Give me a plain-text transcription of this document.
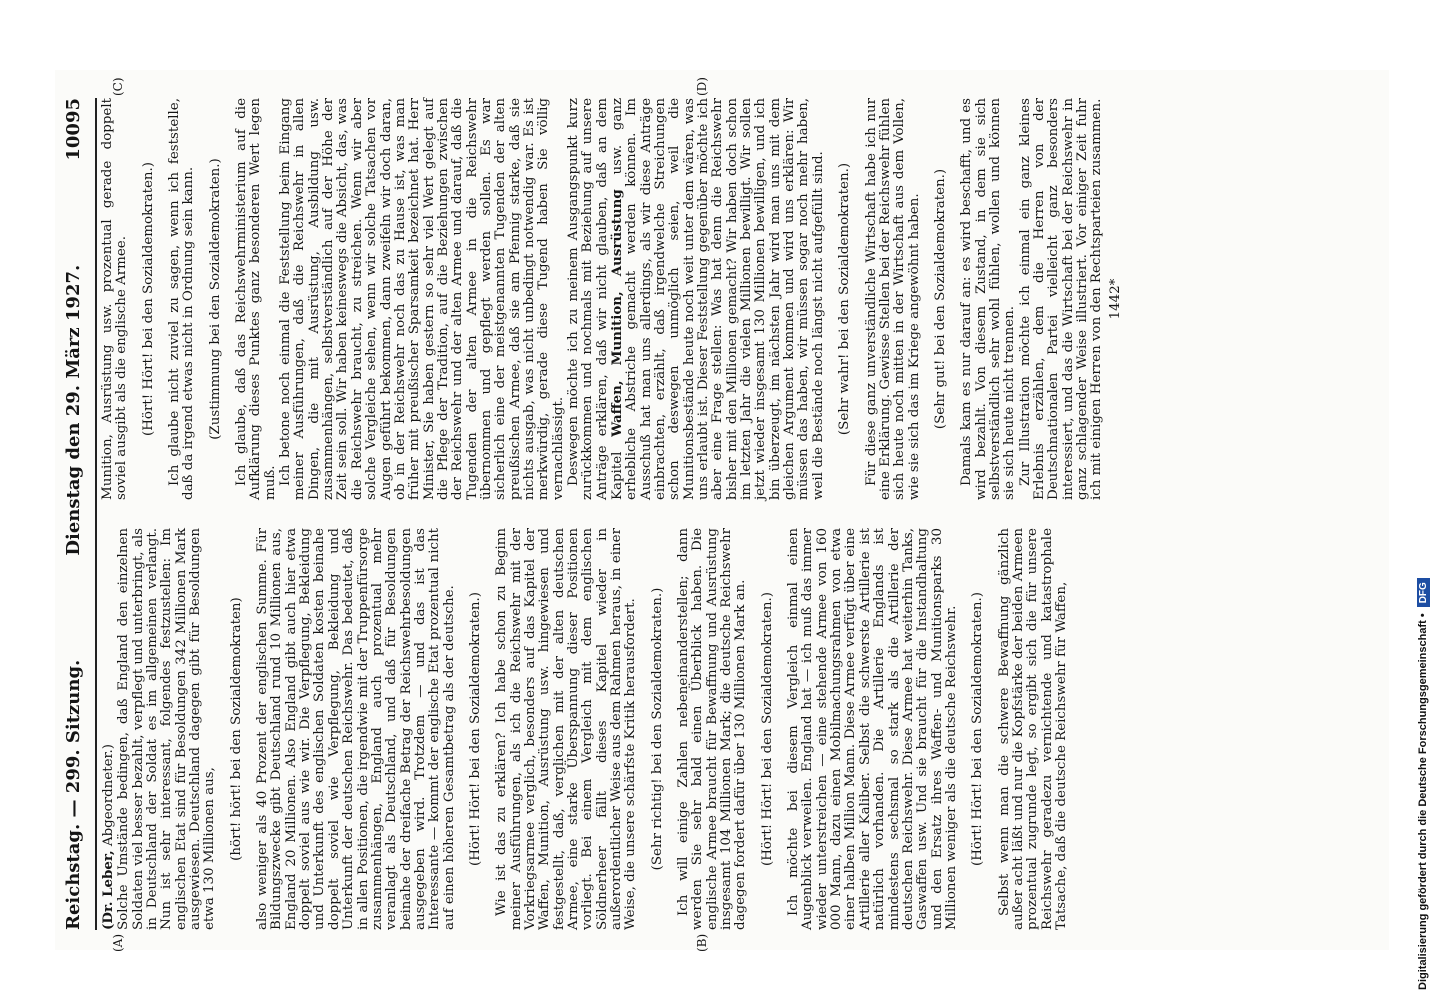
Reichstag. — 299. Sitzung.
Dienstag den 29. März 1927.
10095
(A)	(B)
(C)	(D)

(Dr. Leber, Abgeordneter.) Solche Umstände bedingen, daß England den einzelnen Soldaten viel besser bezahlt, verpflegt und unterbringt, als in Deutschland der Soldat es im allgemeinen verlangt. Nun ist sehr interessant, folgendes festzustellen: Im englischen Etat sind für Besoldungen 342 Millionen Mark ausgewiesen. Deutschland dagegen gibt für Besoldungen etwa 130 Millionen aus, (hört! hört! bei den Sozialdemokraten) also weniger als 40 Prozent der englischen Summe. Für Bildungszwecke gibt Deutschland rund 10 Millionen aus, England 20 Millionen. Also England gibt auch hier etwa doppelt soviel aus wie wir. Die Verpflegung, Bekleidung und Unterkunft des englischen Soldaten kosten beinahe doppelt soviel wie Verpflegung, Bekleidung und Unterkunft der deutschen Reichswehr. Das bedeutet, daß in allen Positionen, die irgendwie mit der Truppenfürsorge zusammenhängen, England auch prozentual mehr veranlagt als Deutschland, und daß für Besoldungen beinahe der dreifache Betrag der Reichswehrbesoldungen ausgegeben wird. Trotzdem — und das ist das Interessante — kommt der englische Etat prozentual nicht auf einen höheren Gesamtbetrag als der deutsche. (Hört! Hört! bei den Sozialdemokraten.) Wie ist das zu erklären? Ich habe schon zu Beginn meiner Ausführungen, als ich die Reichswehr mit der Vorkriegsarmee verglich, besonders auf das Kapitel der Waffen, Munition, Ausrüstung usw. hingewiesen und festgestellt, daß, verglichen mit der alten deutschen Armee, eine starke Überspannung dieser Positionen vorliegt. Bei einem Vergleich mit dem englischen Söldnerheer fällt dieses Kapitel wieder in außerordentlicher Weise aus dem Rahmen heraus, in einer Weise, die unsere schärfste Kritik herausfordert. (Sehr richtig! bei den Sozialdemokraten.) Ich will einige Zahlen nebeneinanderstellen; dann werden Sie sehr bald einen Überblick haben. Die englische Armee braucht für Bewaffnung und Ausrüstung insgesamt 104 Millionen Mark; die deutsche Reichswehr dagegen fordert dafür über 130 Millionen Mark an. (Hört! Hört! bei den Sozialdemokraten.) Ich möchte bei diesem Vergleich einmal einen Augenblick verweilen. England hat — ich muß das immer wieder unterstreichen — eine stehende Armee von 160 000 Mann, dazu einen Mobilmachungsrahmen von etwa einer halben Million Mann. Diese Armee verfügt über eine Artillerie aller Kaliber. Selbst die schwerste Artillerie ist natürlich vorhanden. Die Artillerie Englands ist mindestens sechsmal so stark als die Artillerie der deutschen Reichswehr. Diese Armee hat weiterhin Tanks, Gaswaffen usw. Und sie braucht für die Instandhaltung und den Ersatz ihres Waffen- und Munitionsparks 30 Millionen weniger als die deutsche Reichswehr. (Hört! Hört! bei den Sozialdemokraten.) Selbst wenn man die schwere Bewaffnung gänzlich außer acht läßt und nur die Kopfstärke der beiden Armeen prozentual zugrunde legt, so ergibt sich die für unsere Reichswehr geradezu vernichtende und katastrophale Tatsache, daß die deutsche Reichswehr für Waffen,

Munition, Ausrüstung usw. prozentual gerade doppelt soviel ausgibt als die englische Armee. (Hört! Hört! bei den Sozialdemokraten.) Ich glaube nicht zuviel zu sagen, wenn ich feststelle, daß da irgend etwas nicht in Ordnung sein kann. (Zustimmung bei den Sozialdemokraten.) Ich glaube, daß das Reichswehrministerium auf die Aufklärung dieses Punktes ganz besonderen Wert legen muß. Ich betone noch einmal die Feststellung beim Eingang meiner Ausführungen, daß die Reichswehr in allen Dingen, die mit Ausrüstung, Ausbildung usw. zusammenhängen, selbstverständlich auf der Höhe der Zeit sein soll. Wir haben keineswegs die Absicht, das, was die Reichswehr braucht, zu streichen. Wenn wir aber solche Vergleiche sehen, wenn wir solche Tatsachen vor Augen geführt bekommen, dann zweifeln wir doch daran, ob in der Reichswehr noch das zu Hause ist, was man früher mit preußischer Sparsamkeit bezeichnet hat. Herr Minister, Sie haben gestern so sehr viel Wert gelegt auf die Pflege der Tradition, auf die Beziehungen zwischen der Reichswehr und der alten Armee und darauf, daß die Tugenden der alten Armee in die Reichswehr übernommen und gepflegt werden sollen. Es war sicherlich eine der meistgenannten Tugenden der alten preußischen Armee, daß sie am Pfennig starke, daß sie nichts ausgab, was nicht unbedingt notwendig war. Es ist merkwürdig, gerade diese Tugend haben Sie völlig vernachlässigt. Deswegen möchte ich zu meinem Ausgangspunkt kurz zurückkommen und nochmals mit Beziehung auf unsere Anträge erklären, daß wir nicht glauben, daß an dem Kapitel Waffen, Munition, Ausrüstung usw. ganz erhebliche Abstriche gemacht werden können. Im Ausschuß hat man uns allerdings, als wir diese Anträge einbrachten, erzählt, daß irgendwelche Streichungen schon deswegen unmöglich seien, weil die Munitionsbestände heute noch weit unter dem wären, was uns erlaubt ist. Dieser Feststellung gegenüber möchte ich aber eine Frage stellen: Was hat denn die Reichswehr bisher mit den Millionen gemacht? Wir haben doch schon im letzten Jahr die vielen Millionen bewilligt. Wir sollen jetzt wieder insgesamt 130 Millionen bewilligen, und ich bin überzeugt, im nächsten Jahr wird man uns mit dem gleichen Argument kommen und wird uns erklären: Wir müssen das haben, wir müssen sogar noch mehr haben, weil die Bestände noch längst nicht aufgefüllt sind. (Sehr wahr! bei den Sozialdemokraten.) Für diese ganz unverständliche Wirtschaft habe ich nur eine Erklärung. Gewisse Stellen bei der Reichswehr fühlen sich heute noch mitten in der Wirtschaft aus dem Vollen, wie sie sich das im Kriege angewöhnt haben. (Sehr gut! bei den Sozialdemokraten.) Damals kam es nur darauf an: es wird beschafft, und es wird bezahlt. Von diesem Zustand, in dem sie sich selbstverständlich sehr wohl fühlen, wollen und können sie sich heute nicht trennen. Zur Illustration möchte ich einmal ein ganz kleines Erlebnis erzählen, dem die Herren von der Deutschnationalen Partei vielleicht ganz besonders interessiert, und das die Wirtschaft bei der Reichswehr in ganz schlagender Weise illustriert. Vor einiger Zeit fuhr ich mit einigen Herren von den Rechtsparteien zusammen. 1442*

Digitalisierung gefördert durch die Deutsche Forschungsgemeinschaft •
DFG
